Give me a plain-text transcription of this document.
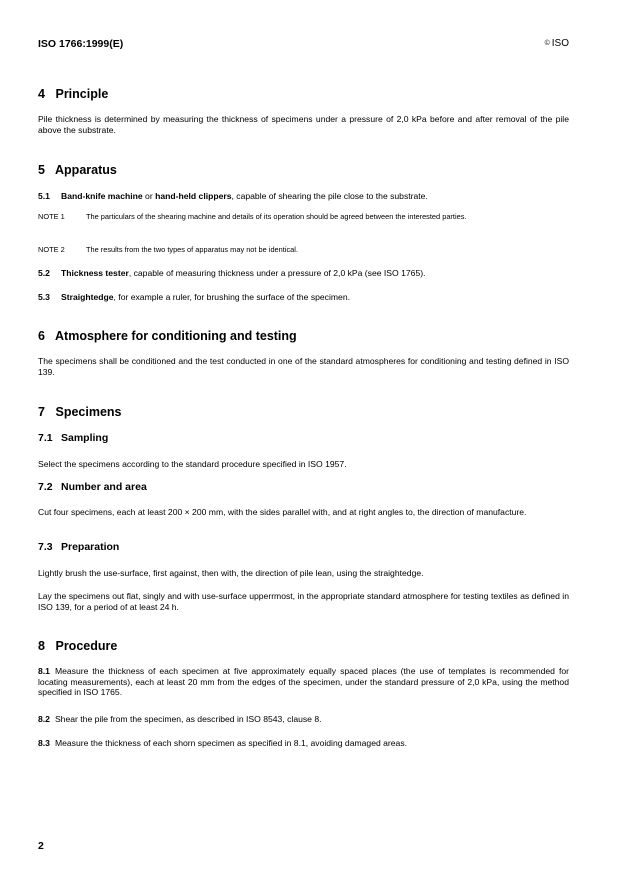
ISO 1766:1999(E)	© ISO
4 Principle
Pile thickness is determined by measuring the thickness of specimens under a pressure of 2,0 kPa before and after removal of the pile above the substrate.
5 Apparatus
5.1 Band-knife machine or hand-held clippers, capable of shearing the pile close to the substrate.
NOTE 1	The particulars of the shearing machine and details of its operation should be agreed between the interested parties.
NOTE 2	The results from the two types of apparatus may not be identical.
5.2 Thickness tester, capable of measuring thickness under a pressure of 2,0 kPa (see ISO 1765).
5.3 Straightedge, for example a ruler, for brushing the surface of the specimen.
6 Atmosphere for conditioning and testing
The specimens shall be conditioned and the test conducted in one of the standard atmospheres for conditioning and testing defined in ISO 139.
7 Specimens
7.1 Sampling
Select the specimens according to the standard procedure specified in ISO 1957.
7.2 Number and area
Cut four specimens, each at least 200 × 200 mm, with the sides parallel with, and at right angles to, the direction of manufacture.
7.3 Preparation
Lightly brush the use-surface, first against, then with, the direction of pile lean, using the straightedge.
Lay the specimens out flat, singly and with use-surface upperrmost, in the appropriate standard atmosphere for testing textiles as defined in ISO 139, for a period of at least 24 h.
8 Procedure
8.1 Measure the thickness of each specimen at five approximately equally spaced places (the use of templates is recommended for locating measurements), each at least 20 mm from the edges of the specimen, under the standard pressure of 2,0 kPa, using the method specified in ISO 1765.
8.2 Shear the pile from the specimen, as described in ISO 8543, clause 8.
8.3 Measure the thickness of each shorn specimen as specified in 8.1, avoiding damaged areas.
2
